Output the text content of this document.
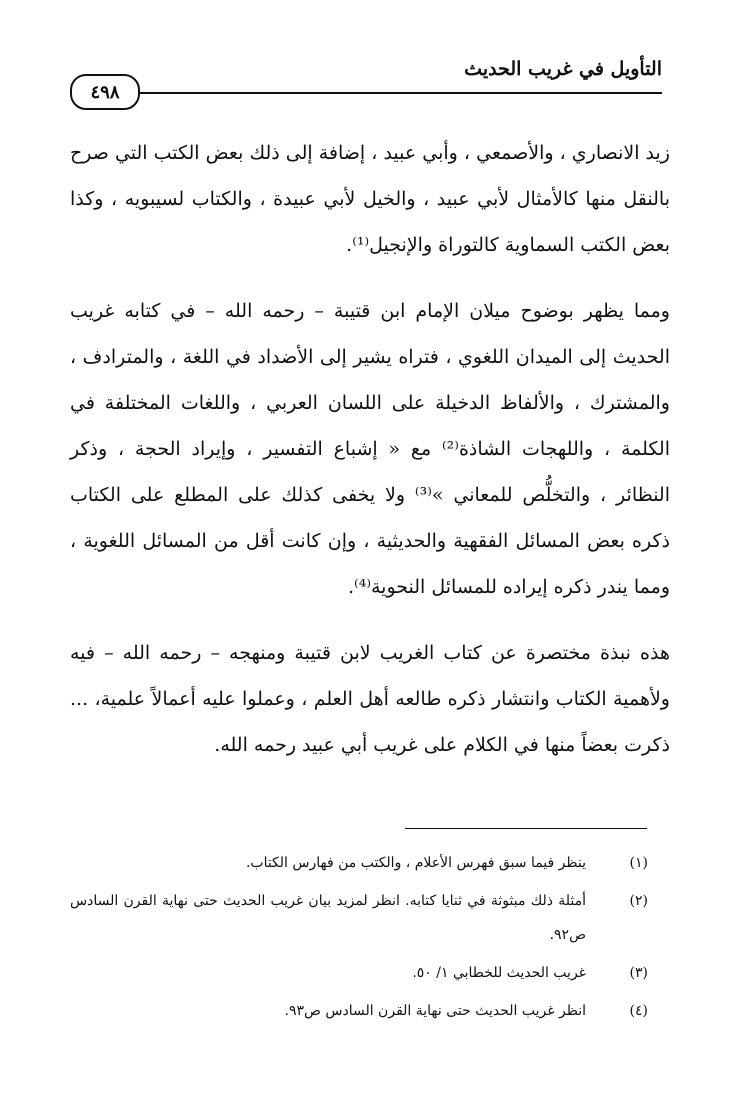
التأويل في غريب الحديث
٤٩٨

زيد الانصاري ، والأصمعي ، وأبي عبيد ، إضافة إلى ذلك بعض الكتب التي صرح بالنقل منها كالأمثال لأبي عبيد ، والخيل لأبي عبيدة ، والكتاب لسيبويه ، وكذا بعض الكتب السماوية كالتوراة والإنجيل⁽¹⁾.

ومما يظهر بوضوح ميلان الإمام ابن قتيبة – رحمه الله – في كتابه غريب الحديث إلى الميدان اللغوي ، فتراه يشير إلى الأضداد في اللغة ، والمترادف ، والمشترك ، والألفاظ الدخيلة على اللسان العربي ، واللغات المختلفة في الكلمة ، واللهجات الشاذة⁽²⁾ مع « إشباع التفسير ، وإيراد الحجة ، وذكر النظائر ، والتخلُّص للمعاني »⁽³⁾ ولا يخفى كذلك على المطلع على الكتاب ذكره بعض المسائل الفقهية والحديثية ، وإن كانت أقل من المسائل اللغوية ، ومما يندر ذكره إيراده للمسائل النحوية⁽⁴⁾.

هذه نبذة مختصرة عن كتاب الغريب لابن قتيبة ومنهجه – رحمه الله – فيه ولأهمية الكتاب وانتشار ذكره طالعه أهل العلم ، وعملوا عليه أعمالاً علمية، ... ذكرت بعضاً منها في الكلام على غريب أبي عبيد رحمه الله.

(١)
ينظر فيما سبق فهرس الأعلام ، والكتب من فهارس الكتاب.
(٢)
أمثلة ذلك مبثوثة في ثنايا كتابه. انظر لمزيد بيان غريب الحديث حتى نهاية القرن السادس ص٩٢.
(٣)
غريب الحديث للخطابي ١/ ٥٠.
(٤)
انظر غريب الحديث حتى نهاية القرن السادس ص٩٣.
